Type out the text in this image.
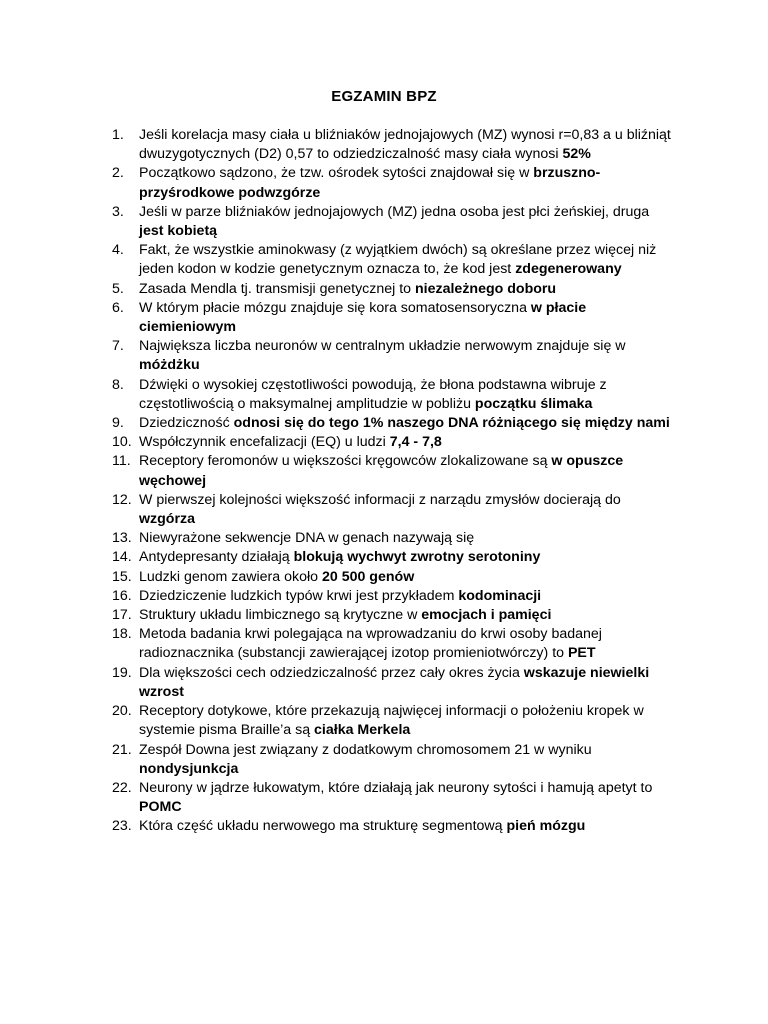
EGZAMIN BPZ
1.	Jeśli korelacja masy ciała u bliźniaków jednojajowych (MZ) wynosi r=0,83 a u bliźniąt dwuzygotycznych (D2) 0,57 to odziedziczalność masy ciała wynosi 52%
2.	Początkowo sądzono, że tzw. ośrodek sytości znajdował się w brzuszno-przyśrodkowe podwzgórze
3.	Jeśli w parze bliźniaków jednojajowych (MZ) jedna osoba jest płci żeńskiej, druga jest kobietą
4.	Fakt, że wszystkie aminokwasy (z wyjątkiem dwóch) są określane przez więcej niż jeden kodon w kodzie genetycznym oznacza to, że kod jest zdegenerowany
5.	Zasada Mendla tj. transmisji genetycznej to niezależnego doboru
6.	W którym płacie mózgu znajduje się kora somatosensoryczna w płacie ciemieniowym
7.	Największa liczba neuronów w centralnym układzie nerwowym znajduje się w móżdżku
8.	Dźwięki o wysokiej częstotliwości powodują, że błona podstawna wibruje z częstotliwością o maksymalnej amplitudzie w pobliżu początku ślimaka
9.	Dziedziczność odnosi się do tego 1% naszego DNA różniącego się między nami
10. Współczynnik encefalizacji (EQ) u ludzi 7,4 - 7,8
11. Receptory feromonów u większości kręgowców zlokalizowane są w opuszce węchowej
12. W pierwszej kolejności większość informacji z narządu zmysłów docierają do wzgórza
13. Niewyrażone sekwencje DNA w genach nazywają się
14. Antydepresanty działają blokują wychwyt zwrotny serotoniny
15. Ludzki genom zawiera około 20 500 genów
16. Dziedziczenie ludzkich typów krwi jest przykładem kodominacji
17. Struktury układu limbicznego są krytyczne w emocjach i pamięci
18. Metoda badania krwi polegająca na wprowadzaniu do krwi osoby badanej radioznacznika (substancji zawierającej izotop promieniotwórczy) to PET
19. Dla większości cech odziedziczalność przez cały okres życia wskazuje niewielki wzrost
20. Receptory dotykowe, które przekazują najwięcej informacji o położeniu kropek w systemie pisma Braille’a są ciałka Merkela
21. Zespół Downa jest związany z dodatkowym chromosomem 21 w wyniku nondysjunkcja
22. Neurony w jądrze łukowatym, które działają jak neurony sytości i hamują apetyt to POMC
23. Która część układu nerwowego ma strukturę segmentową pień mózgu
